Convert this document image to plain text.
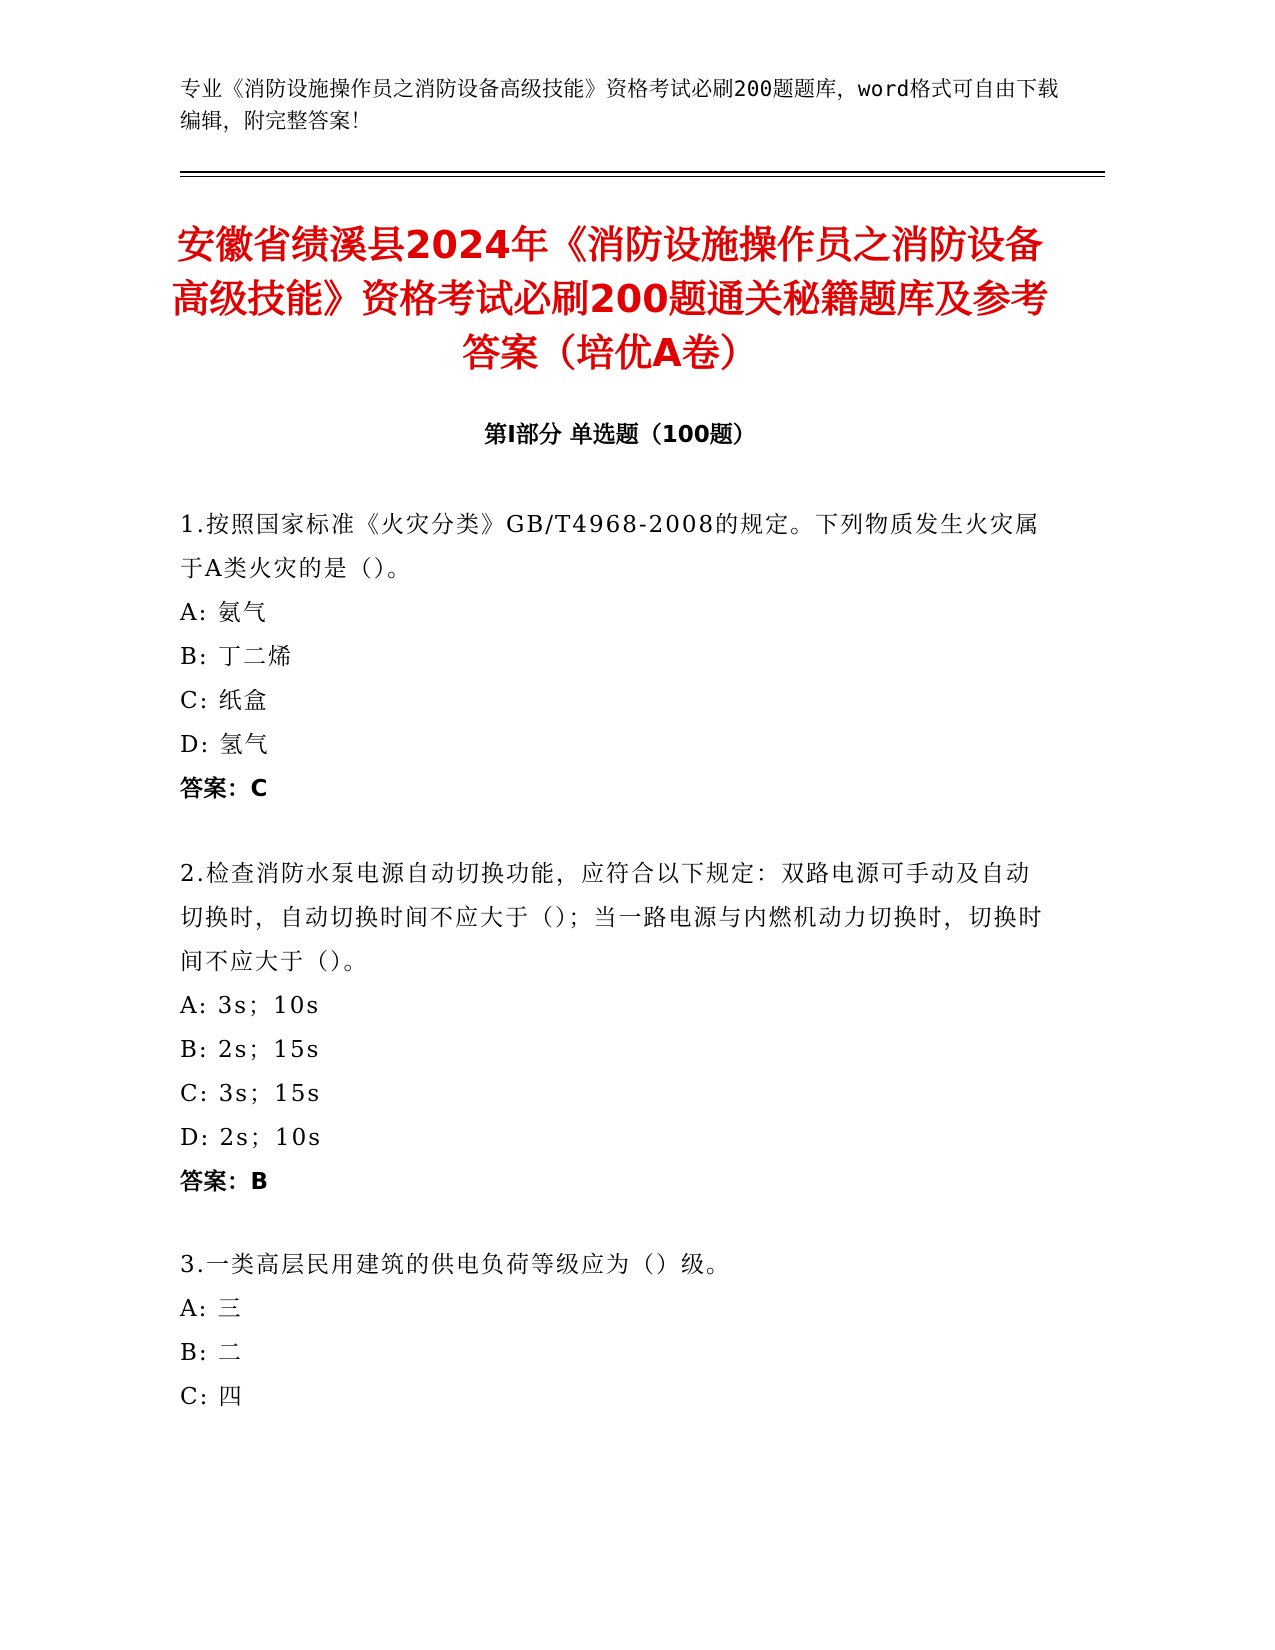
专业《消防设施操作员之消防设备高级技能》资格考试必刷200题题库，word格式可自由下载编辑，附完整答案！

安徽省绩溪县2024年《消防设施操作员之消防设备高级技能》资格考试必刷200题通关秘籍题库及参考答案（培优A卷）
第I部分 单选题（100题）

1.按照国家标准《火灾分类》GB/T4968-2008的规定。下列物质发生火灾属于A类火灾的是（）。

A: 氨气
B: 丁二烯
C: 纸盒
D: 氢气

答案：C

2.检查消防水泵电源自动切换功能，应符合以下规定：双路电源可手动及自动切换时，自动切换时间不应大于（）；当一路电源与内燃机动力切换时，切换时间不应大于（）。

A: 3s；10s
B: 2s；15s
C: 3s；15s
D: 2s；10s

答案：B

3.一类高层民用建筑的供电负荷等级应为（）级。

A: 三
B: 二
C: 四
